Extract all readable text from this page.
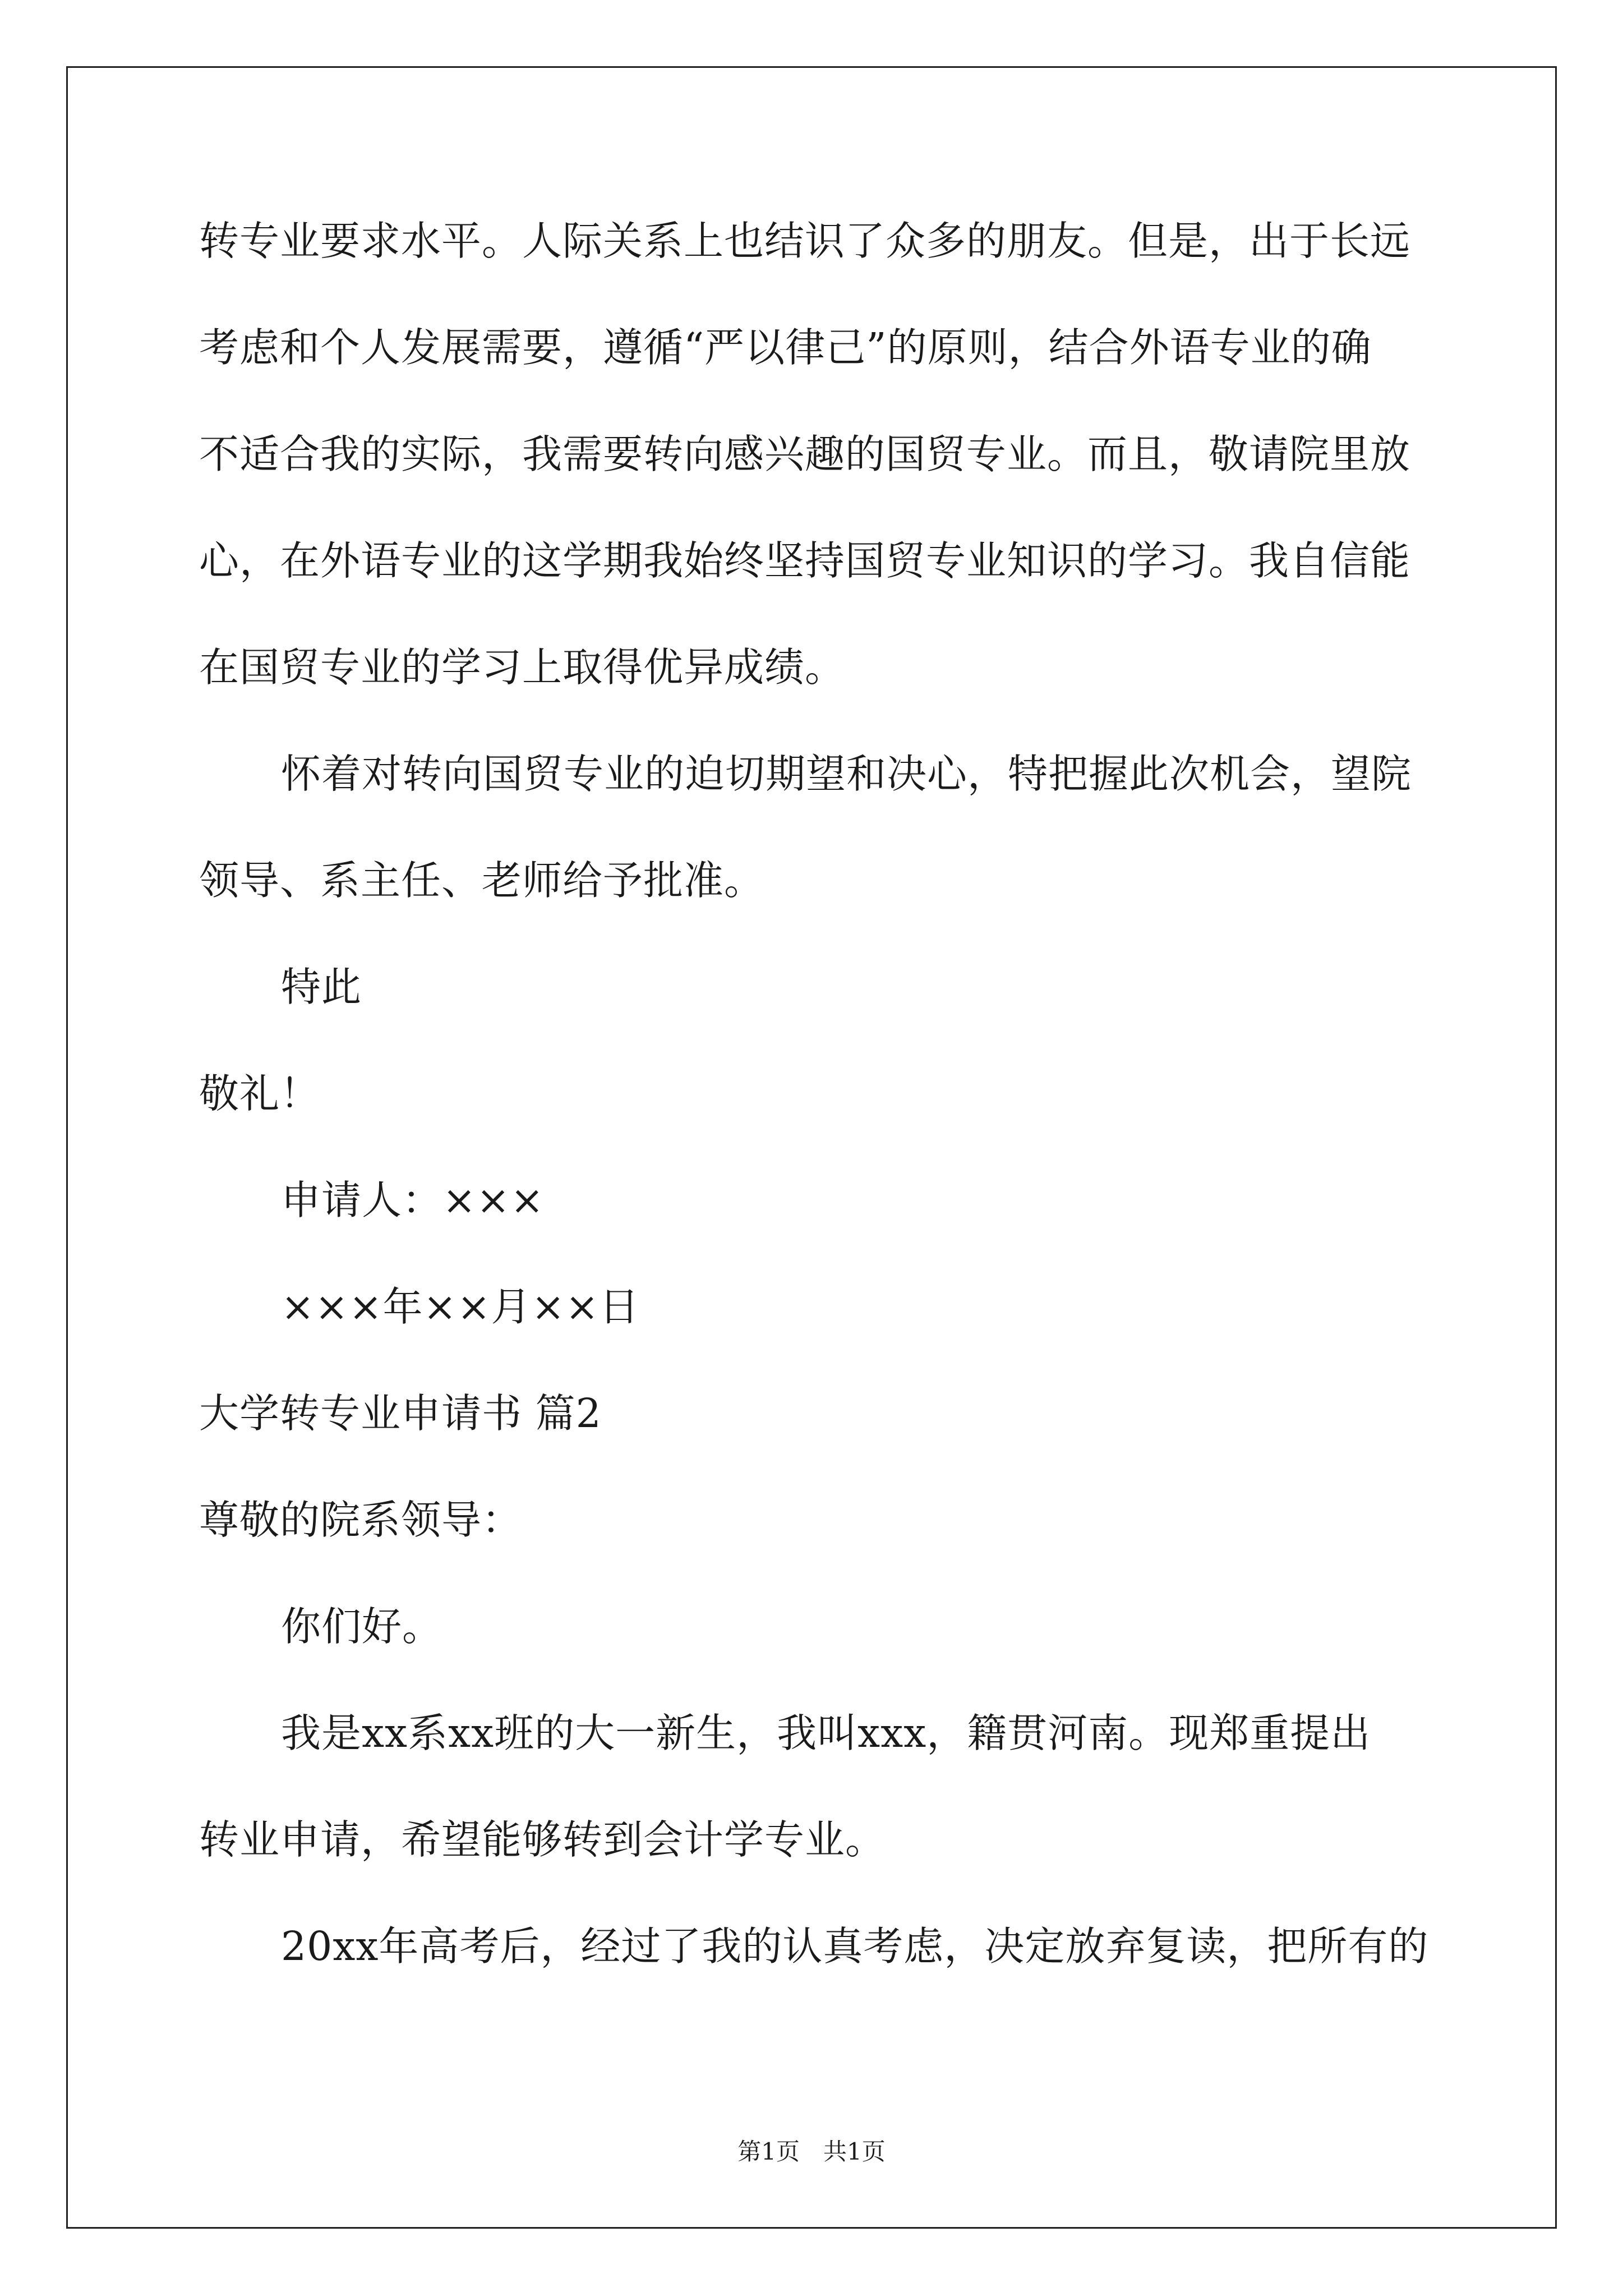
转专业要求水平。人际关系上也结识了众多的朋友。但是，出于长远
考虑和个人发展需要，遵循“严以律己”的原则，结合外语专业的确
不适合我的实际，我需要转向感兴趣的国贸专业。而且，敬请院里放
心，在外语专业的这学期我始终坚持国贸专业知识的学习。我自信能
在国贸专业的学习上取得优异成绩。
怀着对转向国贸专业的迫切期望和决心，特把握此次机会，望院
领导、系主任、老师给予批准。
特此
敬礼！
申请人：×××
×××年××月××日
大学转专业申请书 篇2
尊敬的院系领导：
你们好。
我是xx系xx班的大一新生，我叫xxx，籍贯河南。现郑重提出
转业申请，希望能够转到会计学专业。
20xx年高考后，经过了我的认真考虑，决定放弃复读，把所有的
第1页　共1页
